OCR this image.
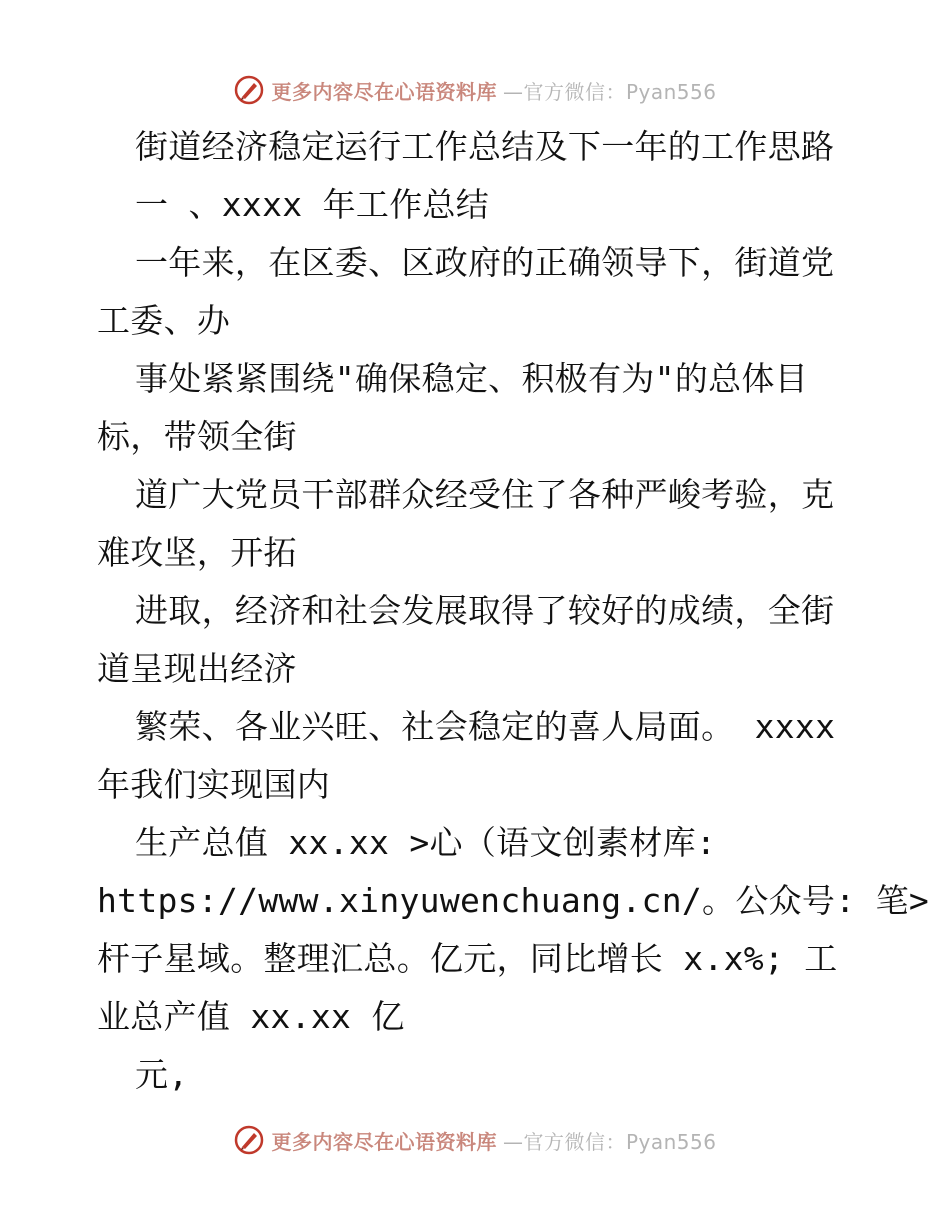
更多内容尽在心语资料库 —官方微信：Pyan556
街道经济稳定运行工作总结及下一年的工作思路
一 、xxxx 年工作总结
一年来，在区委、区政府的正确领导下，街道党
工委、办
事处紧紧围绕"确保稳定、积极有为"的总体目
标，带领全街
道广大党员干部群众经受住了各种严峻考验，克
难攻坚，开拓
进取，经济和社会发展取得了较好的成绩，全街
道呈现出经济
繁荣、各业兴旺、社会稳定的喜人局面。 xxxx
年我们实现国内
生产总值 xx.xx >心（语文创素材库:
https://www.xinyuwenchuang.cn/。公众号: 笔>
杆子星域。整理汇总。亿元，同比增长 x.x%; 工
业总产值 xx.xx 亿
元,
更多内容尽在心语资料库 —官方微信：Pyan556
